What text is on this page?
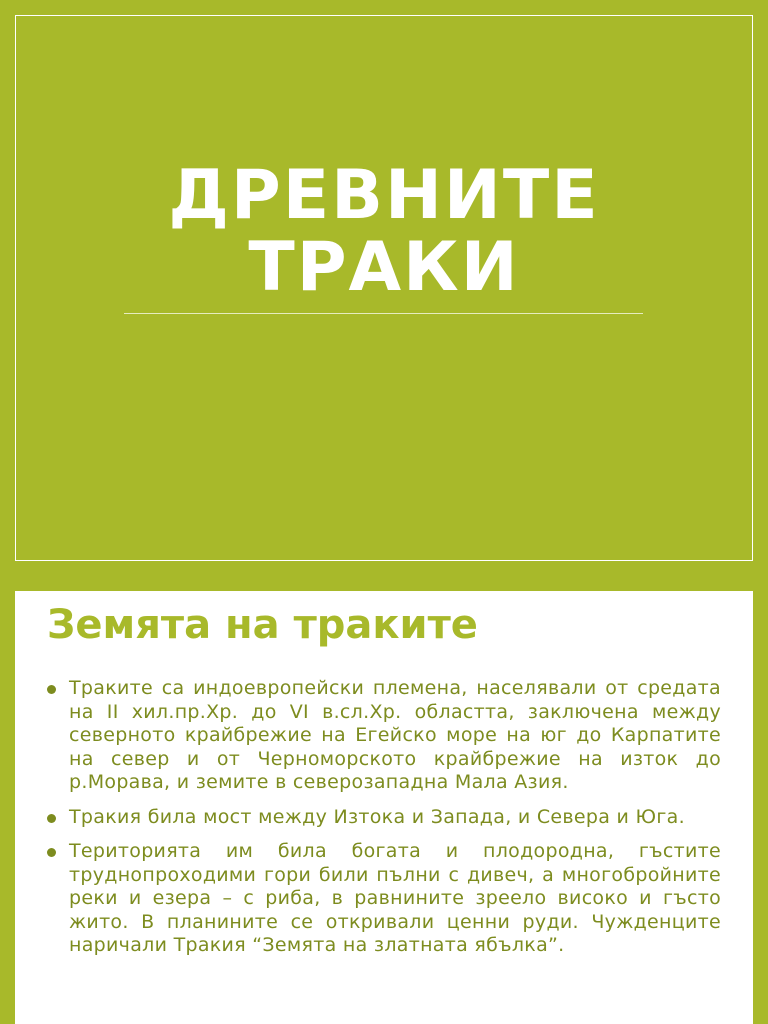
ДРЕВНИТЕ
ТРАКИ
Земята на траките
Траките са индоевропейски племена, населявали от средата на II хил.пр.Хр. до VI в.сл.Хр. областта, заключена между северното крайбрежие на Егейско море на юг до Карпатите на север и от Черноморското крайбрежие на изток до р.Морава, и земите в северозападна Мала Азия.
Тракия била мост между Изтока и Запада, и Севера и Юга.
Територията им била богата и плодородна, гъстите труднопроходими гори били пълни с дивеч, а многобройните реки и езера – с риба, в равнините зреело високо и гъсто жито. В планините се откривали ценни руди. Чужденците наричали Тракия “Земята на златната ябълка”.
